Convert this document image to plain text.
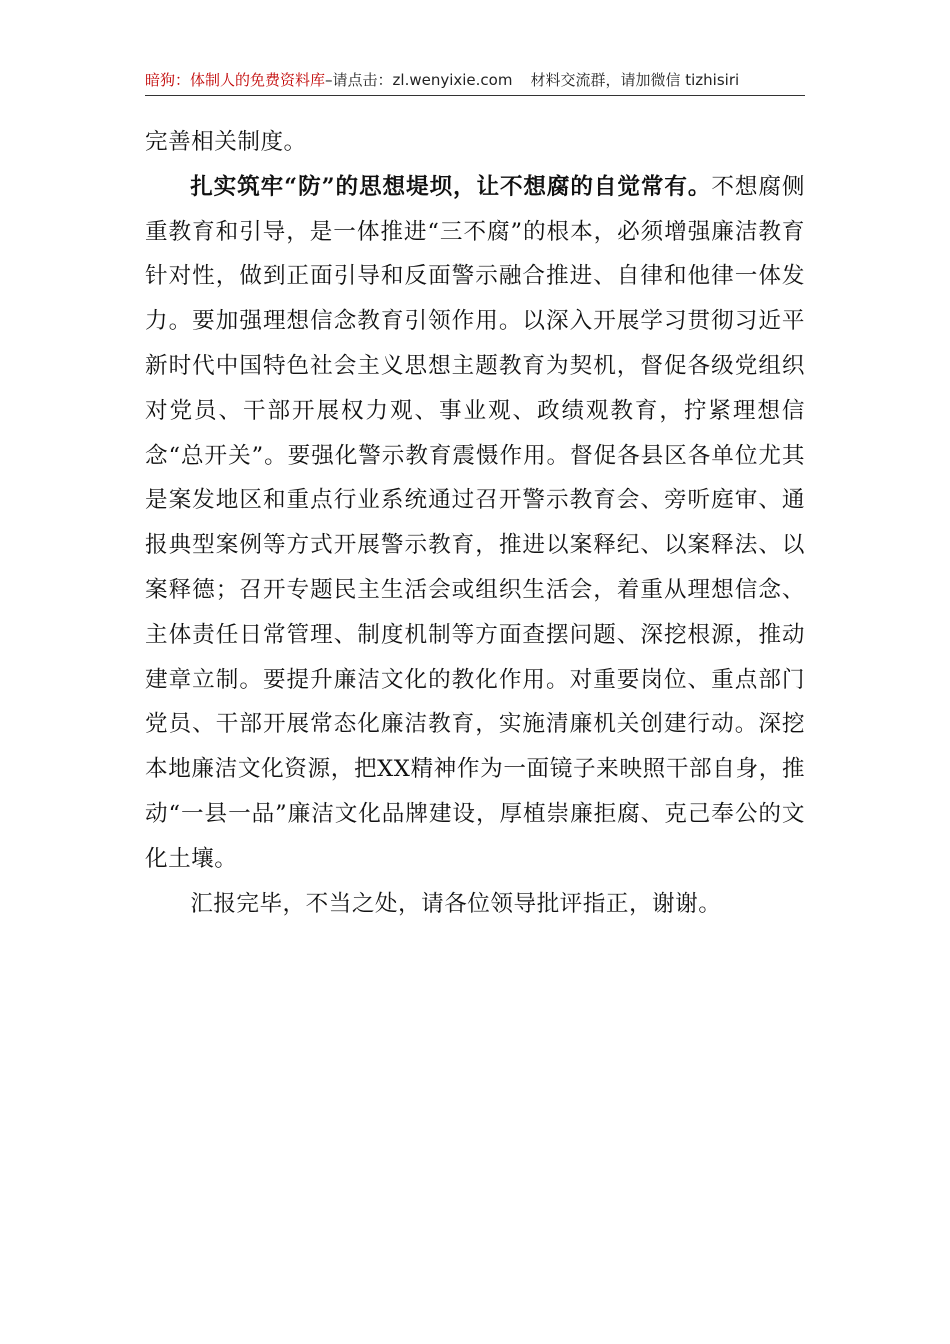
暗狗：体制人的免费资料库–请点击：zl.wenyixie.com 材料交流群，请加微信 tizhisiri

完善相关制度。

扎实筑牢“防”的思想堤坝，让不想腐的自觉常有。不想腐侧重教育和引导，是一体推进“三不腐”的根本，必须增强廉洁教育针对性，做到正面引导和反面警示融合推进、自律和他律一体发力。要加强理想信念教育引领作用。以深入开展学习贯彻习近平新时代中国特色社会主义思想主题教育为契机，督促各级党组织对党员、干部开展权力观、事业观、政绩观教育，拧紧理想信念“总开关”。要强化警示教育震慑作用。督促各县区各单位尤其是案发地区和重点行业系统通过召开警示教育会、旁听庭审、通报典型案例等方式开展警示教育，推进以案释纪、以案释法、以案释德；召开专题民主生活会或组织生活会，着重从理想信念、主体责任日常管理、制度机制等方面查摆问题、深挖根源，推动建章立制。要提升廉洁文化的教化作用。对重要岗位、重点部门党员、干部开展常态化廉洁教育，实施清廉机关创建行动。深挖本地廉洁文化资源，把XX精神作为一面镜子来映照干部自身，推动“一县一品”廉洁文化品牌建设，厚植崇廉拒腐、克己奉公的文化土壤。

汇报完毕，不当之处，请各位领导批评指正，谢谢。
